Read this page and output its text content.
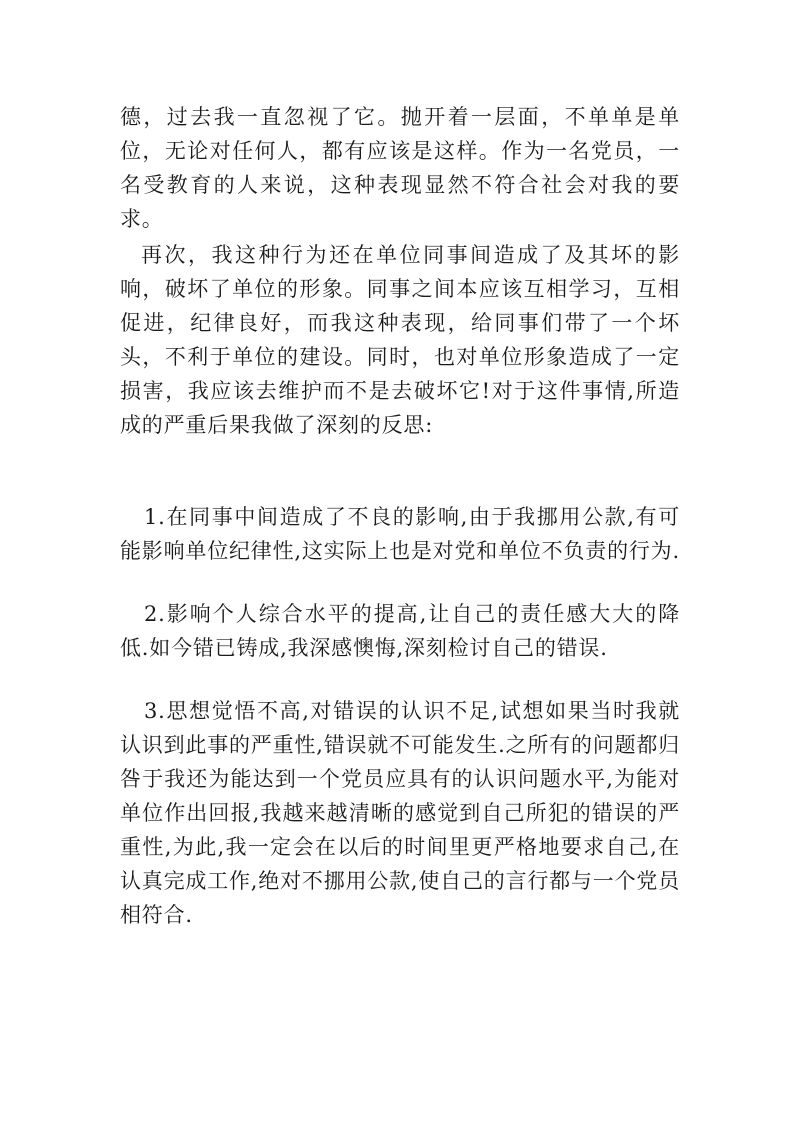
德，过去我一直忽视了它。抛开着一层面，不单单是单位，无论对任何人，都有应该是这样。作为一名党员，一名受教育的人来说，这种表现显然不符合社会对我的要求。

再次，我这种行为还在单位同事间造成了及其坏的影响，破坏了单位的形象。同事之间本应该互相学习，互相促进，纪律良好，而我这种表现，给同事们带了一个坏头，不利于单位的建设。同时，也对单位形象造成了一定损害，我应该去维护而不是去破坏它!对于这件事情,所造成的严重后果我做了深刻的反思:

1.在同事中间造成了不良的影响,由于我挪用公款,有可能影响单位纪律性,这实际上也是对党和单位不负责的行为.

2.影响个人综合水平的提高,让自己的责任感大大的降低.如今错已铸成,我深感懊悔,深刻检讨自己的错误.

3.思想觉悟不高,对错误的认识不足,试想如果当时我就认识到此事的严重性,错误就不可能发生.之所有的问题都归咎于我还为能达到一个党员应具有的认识问题水平,为能对单位作出回报,我越来越清晰的感觉到自己所犯的错误的严重性,为此,我一定会在以后的时间里更严格地要求自己,在认真完成工作,绝对不挪用公款,使自己的言行都与一个党员相符合.
